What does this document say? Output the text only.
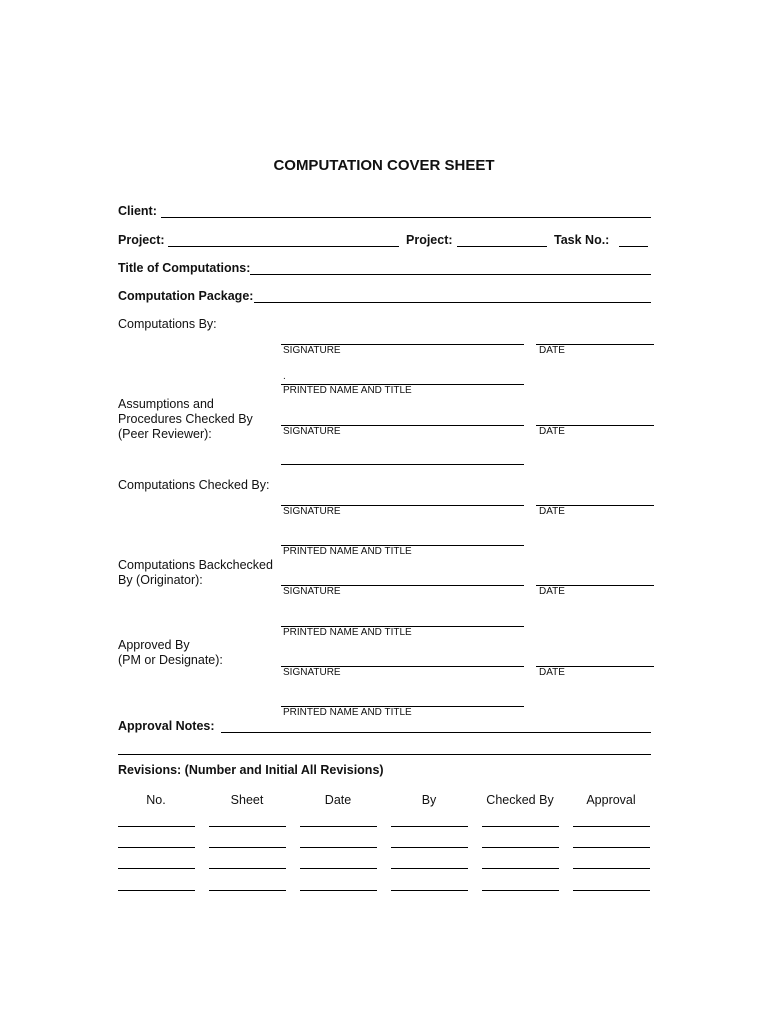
COMPUTATION COVER SHEET
Client:
Project:	Project:	Task No.:
Title of Computations:
Computation Package:
Computations By:
SIGNATURE	DATE
.
PRINTED NAME AND TITLE
Assumptions and
Procedures Checked By
(Peer Reviewer):	SIGNATURE	DATE
Computations Checked By:
SIGNATURE	DATE
PRINTED NAME AND TITLE
Computations Backchecked
By (Originator):
SIGNATURE	DATE
PRINTED NAME AND TITLE
Approved By
(PM or Designate):
SIGNATURE	DATE
PRINTED NAME AND TITLE
Approval Notes:
Revisions: (Number and Initial All Revisions)
No.	Sheet	Date	By	Checked By	Approval
